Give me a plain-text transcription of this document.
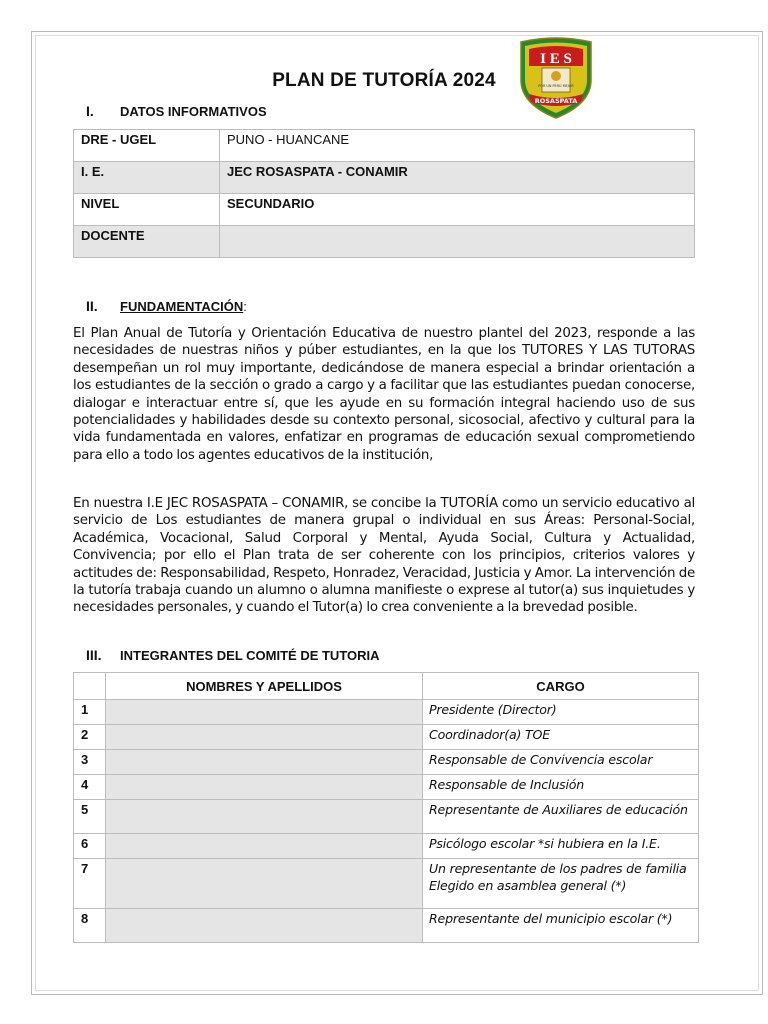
PLAN DE TUTORÍA 2024
I E S
POR UN PERÚ MEJOR
ROSASPATA
I. DATOS INFORMATIVOS
DRE - UGEL	PUNO - HUANCANE
I. E.	JEC ROSASPATA - CONAMIR
NIVEL	SECUNDARIO
DOCENTE	
II. FUNDAMENTACIÓN:

El Plan Anual de Tutoría y Orientación Educativa de nuestro plantel del 2023, responde a las necesidades de nuestras niños y púber estudiantes, en la que los TUTORES Y LAS TUTORAS desempeñan un rol muy importante, dedicándose de manera especial a brindar orientación a los estudiantes de la sección o grado a cargo y a facilitar que las estudiantes puedan conocerse, dialogar e interactuar entre sí, que les ayude en su formación integral haciendo uso de sus potencialidades y habilidades desde su contexto personal, sicosocial, afectivo y cultural para la vida fundamentada en valores, enfatizar en programas de educación sexual comprometiendo para ello a todo los agentes educativos de la institución,

En nuestra I.E JEC ROSASPATA – CONAMIR, se concibe la TUTORÍA como un servicio educativo al servicio de Los estudiantes de manera grupal o individual en sus Áreas: Personal-Social, Académica, Vocacional, Salud Corporal y Mental, Ayuda Social, Cultura y Actualidad, Convivencia; por ello el Plan trata de ser coherente con los principios, criterios valores y actitudes de: Responsabilidad, Respeto, Honradez, Veracidad, Justicia y Amor. La intervención de la tutoría trabaja cuando un alumno o alumna manifieste o exprese al tutor(a) sus inquietudes y necesidades personales, y cuando el Tutor(a) lo crea conveniente a la brevedad posible.

III. INTEGRANTES DEL COMITÉ DE TUTORIA
	NOMBRES Y APELLIDOS	CARGO
1		Presidente (Director)
2		Coordinador(a) TOE
3		Responsable de Convivencia escolar
4		Responsable de Inclusión
5		Representante de Auxiliares de educación
6		Psicólogo escolar *si hubiera en la I.E.
7		Un representante de los padres de familia Elegido en asamblea general (*)
8		Representante del municipio escolar (*)
